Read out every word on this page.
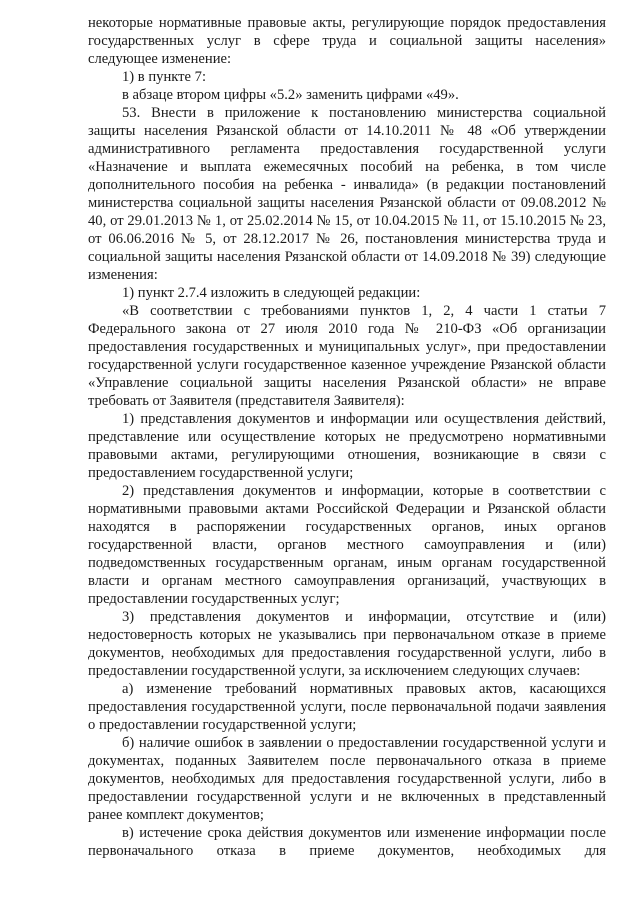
некоторые нормативные правовые акты, регулирующие порядок предоставления государственных услуг в сфере труда и социальной защиты населения» следующее изменение:

1) в пункте 7:

в абзаце втором цифры «5.2» заменить цифрами «49».

53. Внести в приложение к постановлению министерства социальной защиты населения Рязанской области от 14.10.2011 № 48 «Об утверждении административного регламента предоставления государственной услуги «Назначение и выплата ежемесячных пособий на ребенка, в том числе дополнительного пособия на ребенка - инвалида» (в редакции постановлений министерства социальной защиты населения Рязанской области от 09.08.2012 № 40, от 29.01.2013 № 1, от 25.02.2014 № 15, от 10.04.2015 № 11, от 15.10.2015 № 23, от 06.06.2016 № 5, от 28.12.2017 № 26, постановления министерства труда и социальной защиты населения Рязанской области от 14.09.2018 № 39) следующие изменения:

1) пункт 2.7.4 изложить в следующей редакции:

«В соответствии с требованиями пунктов 1, 2, 4 части 1 статьи 7 Федерального закона от 27 июля 2010 года № 210-ФЗ «Об организации предоставления государственных и муниципальных услуг», при предоставлении государственной услуги государственное казенное учреждение Рязанской области «Управление социальной защиты населения Рязанской области» не вправе требовать от Заявителя (представителя Заявителя):

1) представления документов и информации или осуществления действий, представление или осуществление которых не предусмотрено нормативными правовыми актами, регулирующими отношения, возникающие в связи с предоставлением государственной услуги;

2) представления документов и информации, которые в соответствии с нормативными правовыми актами Российской Федерации и Рязанской области находятся в распоряжении государственных органов, иных органов государственной власти, органов местного самоуправления и (или) подведомственных государственным органам, иным органам государственной власти и органам местного самоуправления организаций, участвующих в предоставлении государственных услуг;

3) представления документов и информации, отсутствие и (или) недостоверность которых не указывались при первоначальном отказе в приеме документов, необходимых для предоставления государственной услуги, либо в предоставлении государственной услуги, за исключением следующих случаев:

а) изменение требований нормативных правовых актов, касающихся предоставления государственной услуги, после первоначальной подачи заявления о предоставлении государственной услуги;

б) наличие ошибок в заявлении о предоставлении государственной услуги и документах, поданных Заявителем после первоначального отказа в приеме документов, необходимых для предоставления государственной услуги, либо в предоставлении государственной услуги и не включенных в представленный ранее комплект документов;

в) истечение срока действия документов или изменение информации после первоначального отказа в приеме документов, необходимых для
